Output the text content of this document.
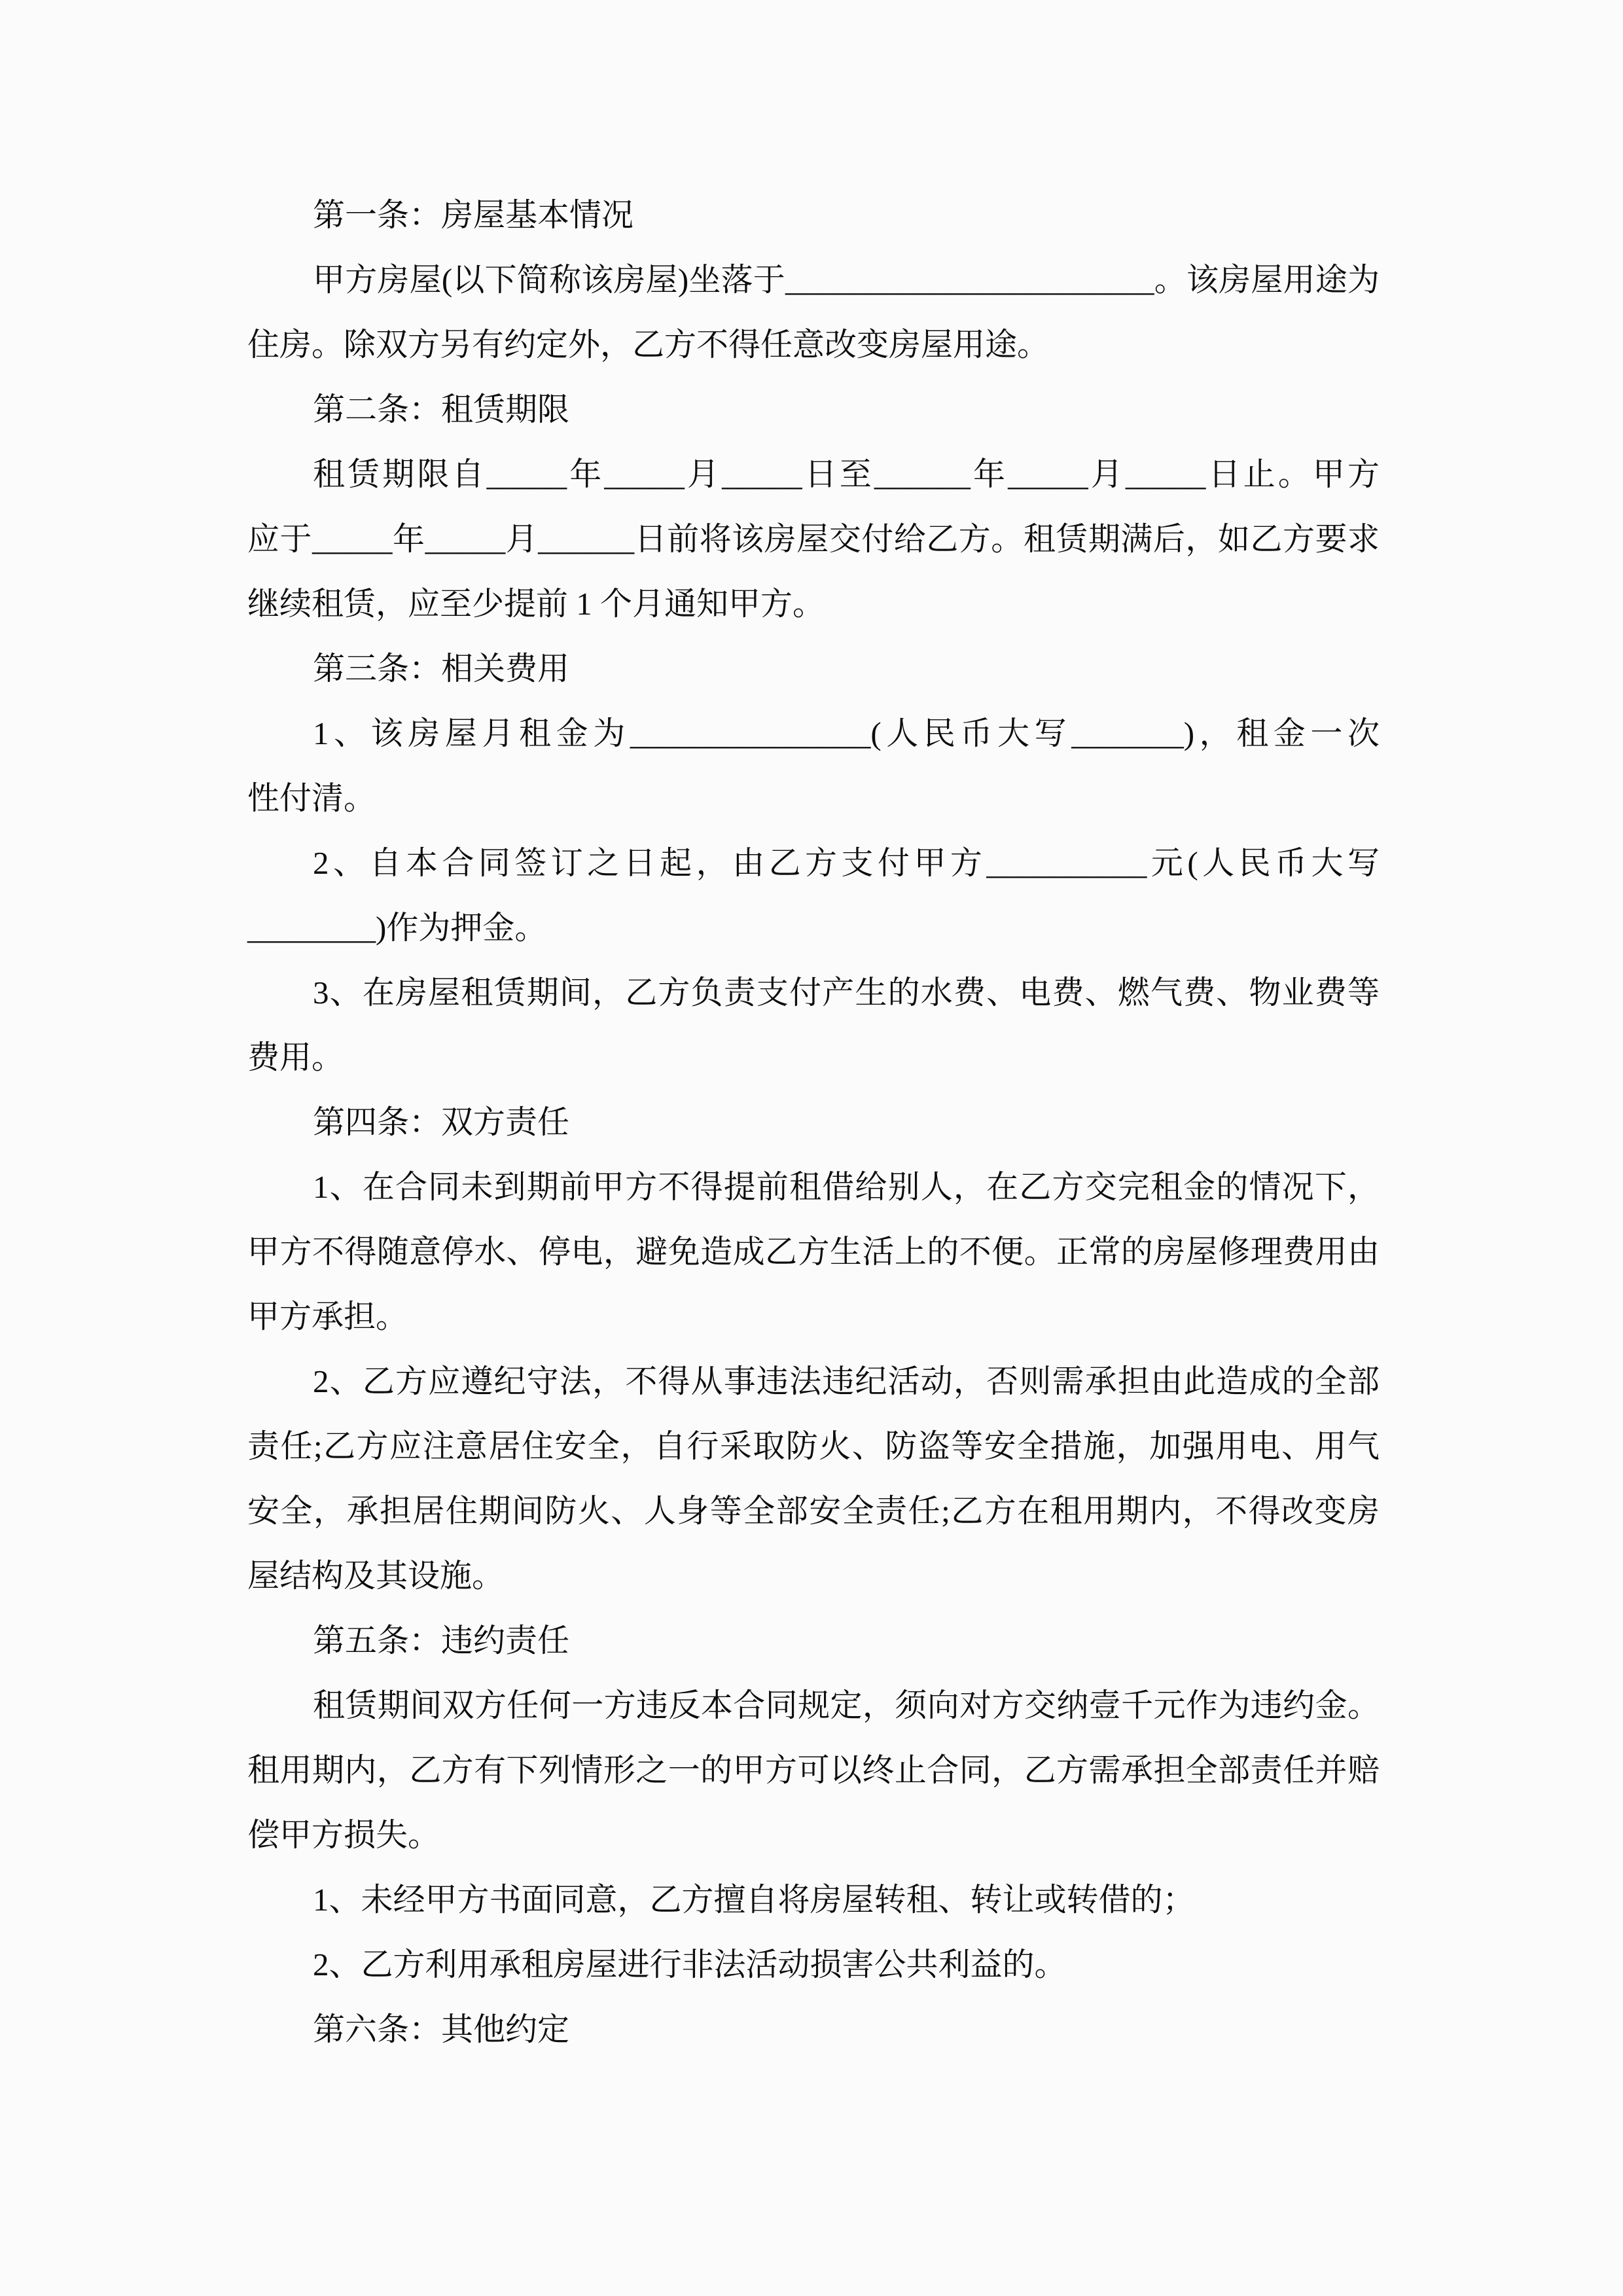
第一条：房屋基本情况
甲方房屋(以下简称该房屋)坐落于_______________________。该房屋用途为
住房。除双方另有约定外，乙方不得任意改变房屋用途。
第二条：租赁期限
租赁期限自_____年_____月_____日至______年_____月_____日止。甲方
应于_____年_____月______日前将该房屋交付给乙方。租赁期满后，如乙方要求
继续租赁，应至少提前 1 个月通知甲方。
第三条：相关费用
1、该房屋月租金为_______________(人民币大写_______)，租金一次
性付清。
2、自本合同签订之日起，由乙方支付甲方__________元(人民币大写
________)作为押金。
3、在房屋租赁期间，乙方负责支付产生的水费、电费、燃气费、物业费等
费用。
第四条：双方责任
1、在合同未到期前甲方不得提前租借给别人，在乙方交完租金的情况下，
甲方不得随意停水、停电，避免造成乙方生活上的不便。正常的房屋修理费用由
甲方承担。
2、乙方应遵纪守法，不得从事违法违纪活动，否则需承担由此造成的全部
责任;乙方应注意居住安全，自行采取防火、防盗等安全措施，加强用电、用气
安全，承担居住期间防火、人身等全部安全责任;乙方在租用期内，不得改变房
屋结构及其设施。
第五条：违约责任
租赁期间双方任何一方违反本合同规定，须向对方交纳壹千元作为违约金。
租用期内，乙方有下列情形之一的甲方可以终止合同，乙方需承担全部责任并赔
偿甲方损失。
1、未经甲方书面同意，乙方擅自将房屋转租、转让或转借的；
2、乙方利用承租房屋进行非法活动损害公共利益的。
第六条：其他约定
